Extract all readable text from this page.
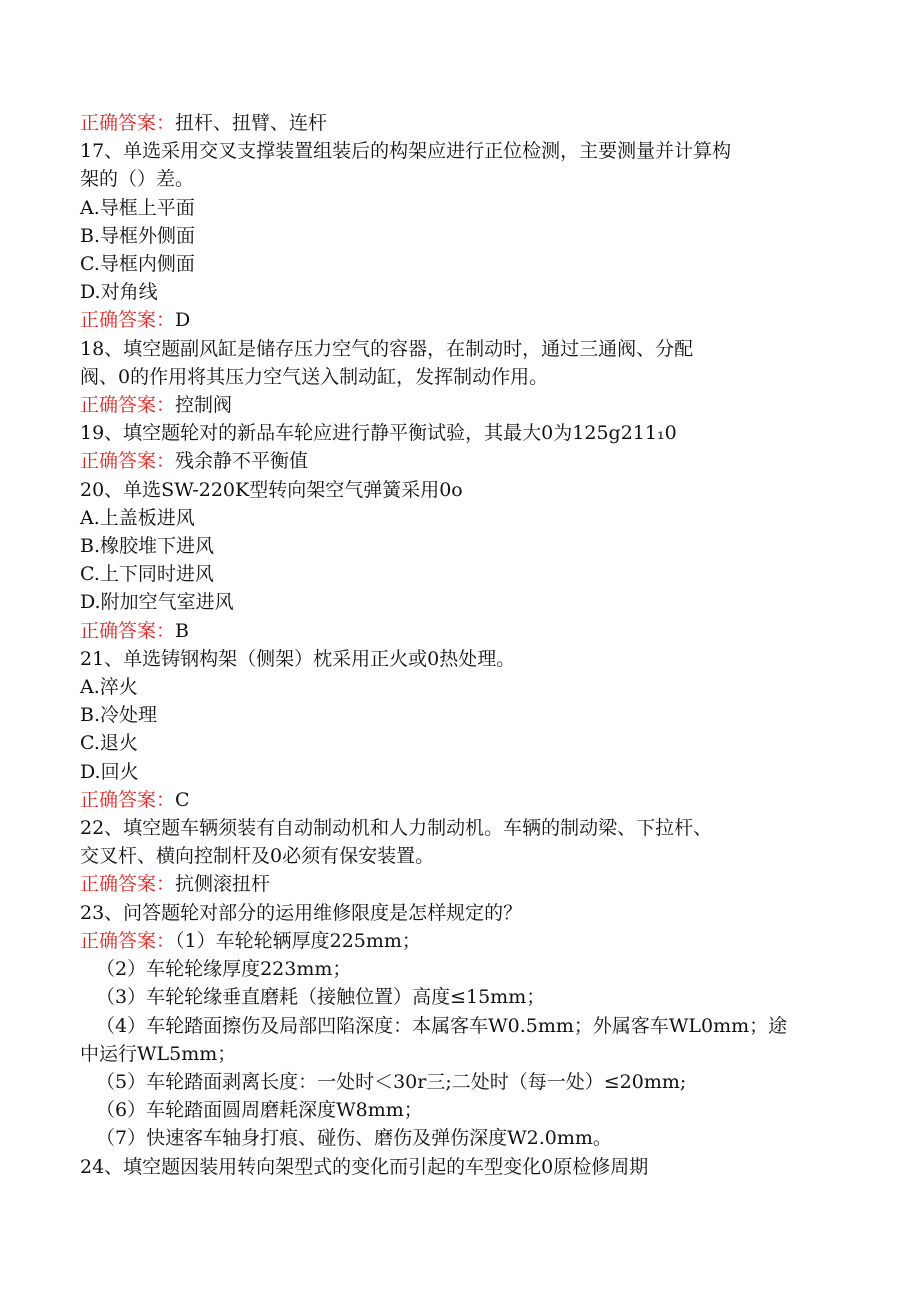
正确答案：扭杆、扭臂、连杆
17、单选采用交叉支撑装置组装后的构架应进行正位检测，主要测量并计算构
架的（）差。
A.导框上平面
B.导框外侧面
C.导框内侧面
D.对角线
正确答案：D
18、填空题副风缸是储存压力空气的容器，在制动时，通过三通阀、分配
阀、0的作用将其压力空气送入制动缸，发挥制动作用。
正确答案：控制阀
19、填空题轮对的新品车轮应进行静平衡试验，其最大0为125g211₁0
正确答案：残余静不平衡值
20、单选SW-220K型转向架空气弹簧采用0o
A.上盖板进风
B.橡胶堆下进风
C.上下同时进风
D.附加空气室进风
正确答案：B
21、单选铸钢构架（侧架）枕采用正火或0热处理。
A.淬火
B.冷处理
C.退火
D.回火
正确答案：C
22、填空题车辆须装有自动制动机和人力制动机。车辆的制动梁、下拉杆、
交叉杆、横向控制杆及0必须有保安装置。
正确答案：抗侧滚扭杆
23、问答题轮对部分的运用维修限度是怎样规定的？
正确答案：（1）车轮轮辆厚度225mm；
（2）车轮轮缘厚度223mm；
（3）车轮轮缘垂直磨耗（接触位置）高度≤15mm；
（4）车轮踏面擦伤及局部凹陷深度：本属客车W0.5mm；外属客车WL0mm；途
中运行WL5mm；
（5）车轮踏面剥离长度：一处时＜30r三;二处时（每一处）≤20mm;
（6）车轮踏面圆周磨耗深度W8mm；
（7）快速客车轴身打痕、碰伤、磨伤及弹伤深度W2.0mm。
24、填空题因装用转向架型式的变化而引起的车型变化0原检修周期
